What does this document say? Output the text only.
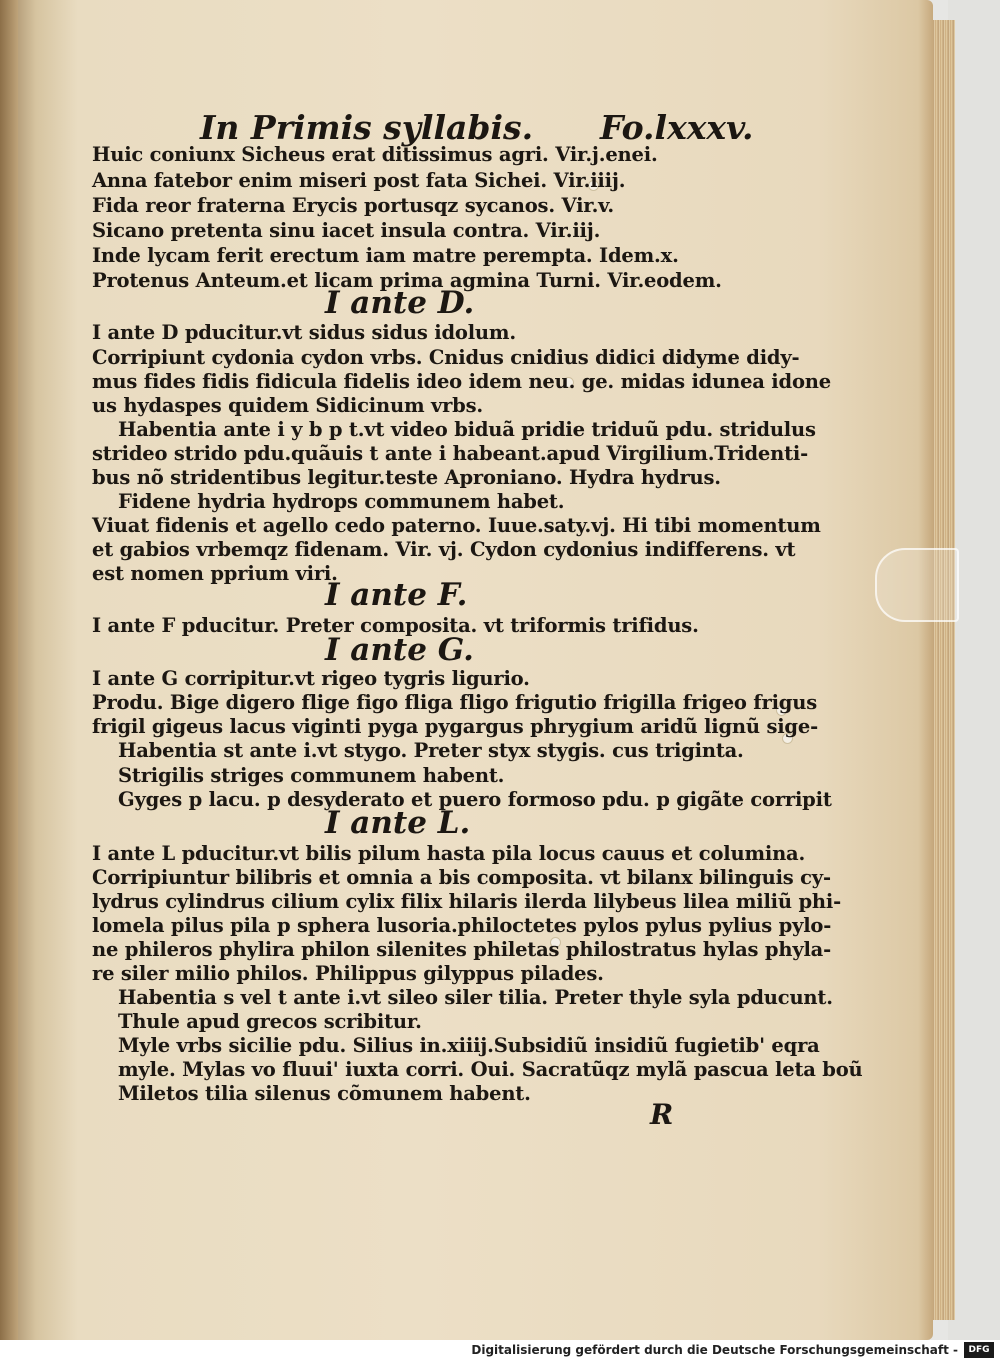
In Primis syllabis. Fo.lxxxv.
Huic coniunx Sicheus erat ditissimus agri. Vir.j.enei.
Anna fatebor enim miseri post fata Sichei. Vir.iiij.
Fida reor fraterna Erycis portusqz sycanos. Vir.v.
Sicano pretenta sinu iacet insula contra. Vir.iij.
Inde lycam ferit erectum iam matre perempta. Idem.x.
Protenus Anteum.et licam prima agmina Turni. Vir.eodem.
I ante D.
I ante D pducitur.vt sidus sidus idolum.
Corripiunt cydonia cydon vrbs. Cnidus cnidius didici didyme didy-
mus fides fidis fidicula fidelis ideo idem neu. ge. midas idunea idone
us hydaspes quidem Sidicinum vrbs.
Habentia ante i y b p t.vt video biduã pridie triduũ pdu. stridulus
strideo strido pdu.quãuis t ante i habeant.apud Virgilium.Tridenti-
bus nõ stridentibus legitur.teste Aproniano. Hydra hydrus.
Fidene hydria hydrops communem habet.
Viuat fidenis et agello cedo paterno. Iuue.saty.vj. Hi tibi momentum
et gabios vrbemqz fidenam. Vir. vj. Cydon cydonius indifferens. vt
est nomen pprium viri.
I ante F.
I ante F pducitur. Preter composita. vt triformis trifidus.
I ante G.
I ante G corripitur.vt rigeo tygris ligurio.
Produ. Bige digero flige figo fliga fligo frigutio frigilla frigeo frigus
frigil gigeus lacus viginti pyga pygargus phrygium aridũ lignũ sige-
Habentia st ante i.vt stygo. Preter styx stygis. cus triginta.
Strigilis striges communem habent.
Gyges p lacu. p desyderato et puero formoso pdu. p gigãte corripit
I ante L.
I ante L pducitur.vt bilis pilum hasta pila locus cauus et columina.
Corripiuntur bilibris et omnia a bis composita. vt bilanx bilinguis cy-
lydrus cylindrus cilium cylix filix hilaris ilerda lilybeus lilea miliũ phi-
lomela pilus pila p sphera lusoria.philoctetes pylos pylus pylius pylo-
ne phileros phylira philon silenites philetas philostratus hylas phyla-
re siler milio philos. Philippus gilyppus pilades.
Habentia s vel t ante i.vt sileo siler tilia. Preter thyle syla pducunt.
Thule apud grecos scribitur.
Myle vrbs sicilie pdu. Silius in.xiiij.Subsidiũ insidiũ fugietib' eqra
myle. Mylas vo fluui' iuxta corri. Oui. Sacratũqz mylã pascua leta boũ
Miletos tilia silenus cõmunem habent.
R
Digitalisierung gefördert durch die Deutsche Forschungsgemeinschaft -	DFG
